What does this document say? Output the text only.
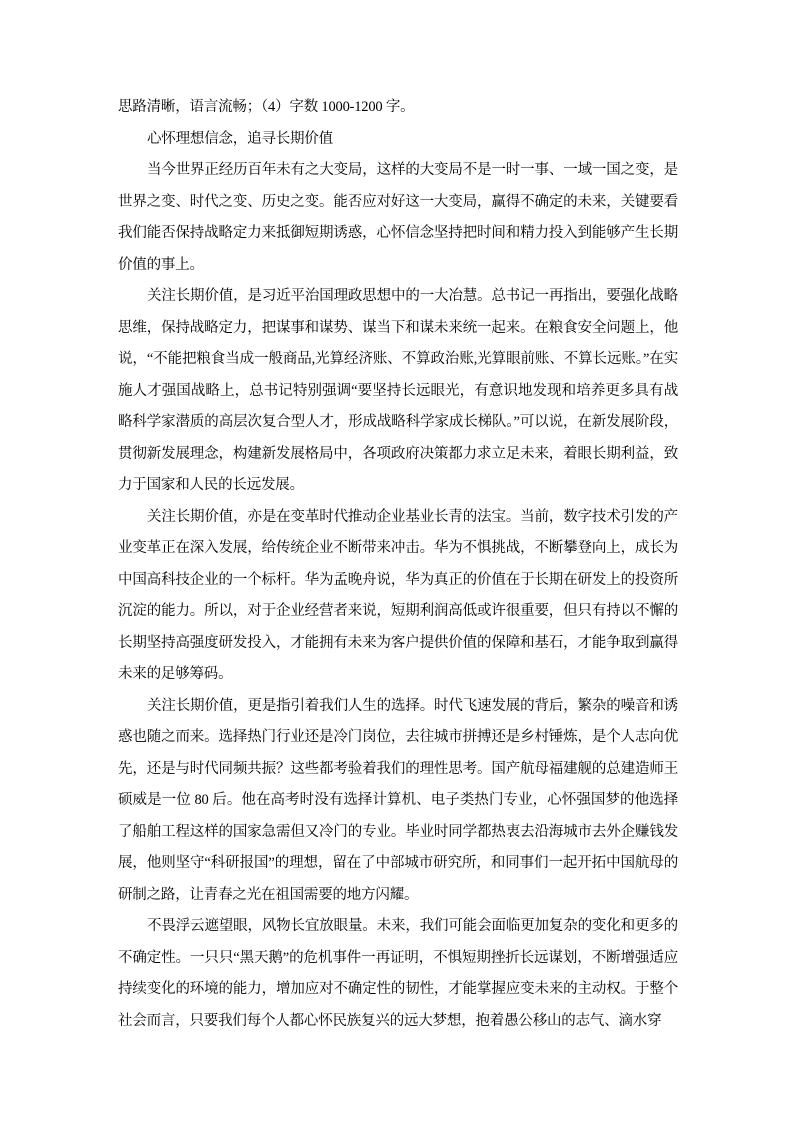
思路清晰，语言流畅；（4）字数 1000-1200 字。

心怀理想信念，追寻长期价值

当今世界正经历百年未有之大变局，这样的大变局不是一时一事、一域一国之变，是世界之变、时代之变、历史之变。能否应对好这一大变局，赢得不确定的未来，关键要看我们能否保持战略定力来抵御短期诱惑，心怀信念坚持把时间和精力投入到能够产生长期价值的事上。

关注长期价值，是习近平治国理政思想中的一大冶慧。总书记一再指出，要强化战略思维，保持战略定力，把谋事和谋势、谋当下和谋未来统一起来。在粮食安全问题上，他说，“不能把粮食当成一般商品,光算经济账、不算政治账,光算眼前账、不算长远账。”在实施人才强国战略上，总书记特别强调“要坚持长远眼光，有意识地发现和培养更多具有战略科学家潜质的高层次复合型人才，形成战略科学家成长梯队。”可以说，在新发展阶段，贯彻新发展理念，构建新发展格局中，各项政府决策都力求立足未来，着眼长期利益，致力于国家和人民的长远发展。

关注长期价值，亦是在变革时代推动企业基业长青的法宝。当前，数字技术引发的产业变革正在深入发展，给传统企业不断带来冲击。华为不惧挑战，不断攀登向上，成长为中国高科技企业的一个标杆。华为孟晚舟说，华为真正的价值在于长期在研发上的投资所沉淀的能力。所以，对于企业经营者来说，短期利润高低或许很重要，但只有持以不懈的长期坚持高强度研发投入，才能拥有未来为客户提供价值的保障和基石，才能争取到赢得未来的足够筹码。

关注长期价值，更是指引着我们人生的选择。时代飞速发展的背后，繁杂的噪音和诱惑也随之而来。选择热门行业还是冷门岗位，去往城市拼搏还是乡村锤炼，是个人志向优先，还是与时代同频共振？这些都考验着我们的理性思考。国产航母福建舰的总建造师王硕威是一位 80 后。他在高考时没有选择计算机、电子类热门专业，心怀强国梦的他选择了船舶工程这样的国家急需但又冷门的专业。毕业时同学都热衷去沿海城市去外企赚钱发展，他则坚守“科研报国”的理想，留在了中部城市研究所，和同事们一起开拓中国航母的研制之路，让青春之光在祖国需要的地方闪耀。

不畏浮云遮望眼，风物长宜放眼量。未来，我们可能会面临更加复杂的变化和更多的不确定性。一只只“黑天鹅”的危机事件一再证明，不惧短期挫折长远谋划，不断增强适应持续变化的环境的能力，增加应对不确定性的韧性，才能掌握应变未来的主动权。于整个社会而言，只要我们每个人都心怀民族复兴的远大梦想，抱着愚公移山的志气、滴水穿
